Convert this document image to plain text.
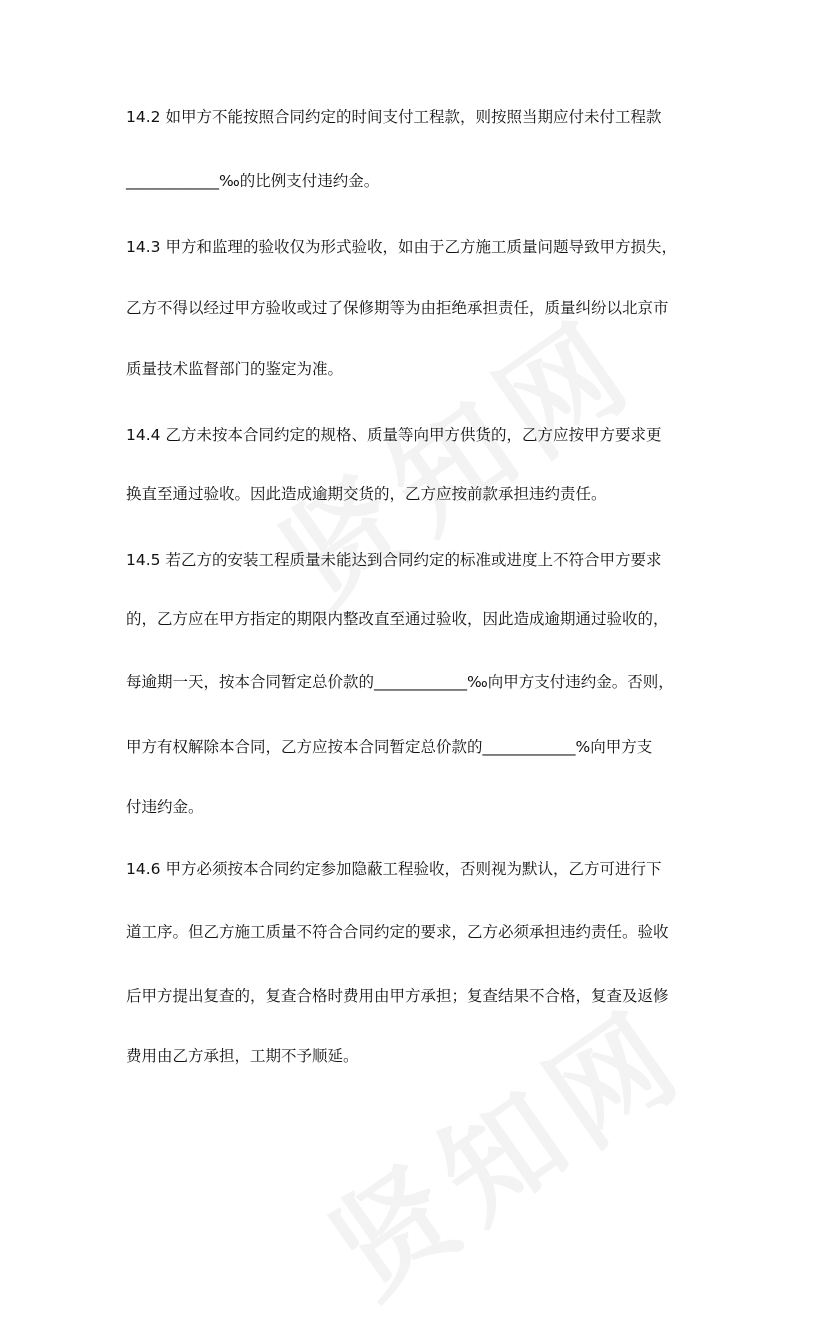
14.2 如甲方不能按照合同约定的时间支付工程款，则按照当期应付未付工程款
____________‰的比例支付违约金。
14.3 甲方和监理的验收仅为形式验收，如由于乙方施工质量问题导致甲方损失，
乙方不得以经过甲方验收或过了保修期等为由拒绝承担责任，质量纠纷以北京市
质量技术监督部门的鉴定为准。
14.4 乙方未按本合同约定的规格、质量等向甲方供货的，乙方应按甲方要求更
换直至通过验收。因此造成逾期交货的，乙方应按前款承担违约责任。
14.5 若乙方的安装工程质量未能达到合同约定的标准或进度上不符合甲方要求
的，乙方应在甲方指定的期限内整改直至通过验收，因此造成逾期通过验收的，
每逾期一天，按本合同暂定总价款的____________‰向甲方支付违约金。否则，
甲方有权解除本合同，乙方应按本合同暂定总价款的____________%向甲方支
付违约金。
14.6 甲方必须按本合同约定参加隐蔽工程验收，否则视为默认，乙方可进行下
道工序。但乙方施工质量不符合合同约定的要求，乙方必须承担违约责任。验收
后甲方提出复查的，复查合格时费用由甲方承担；复查结果不合格，复查及返修
费用由乙方承担，工期不予顺延。
